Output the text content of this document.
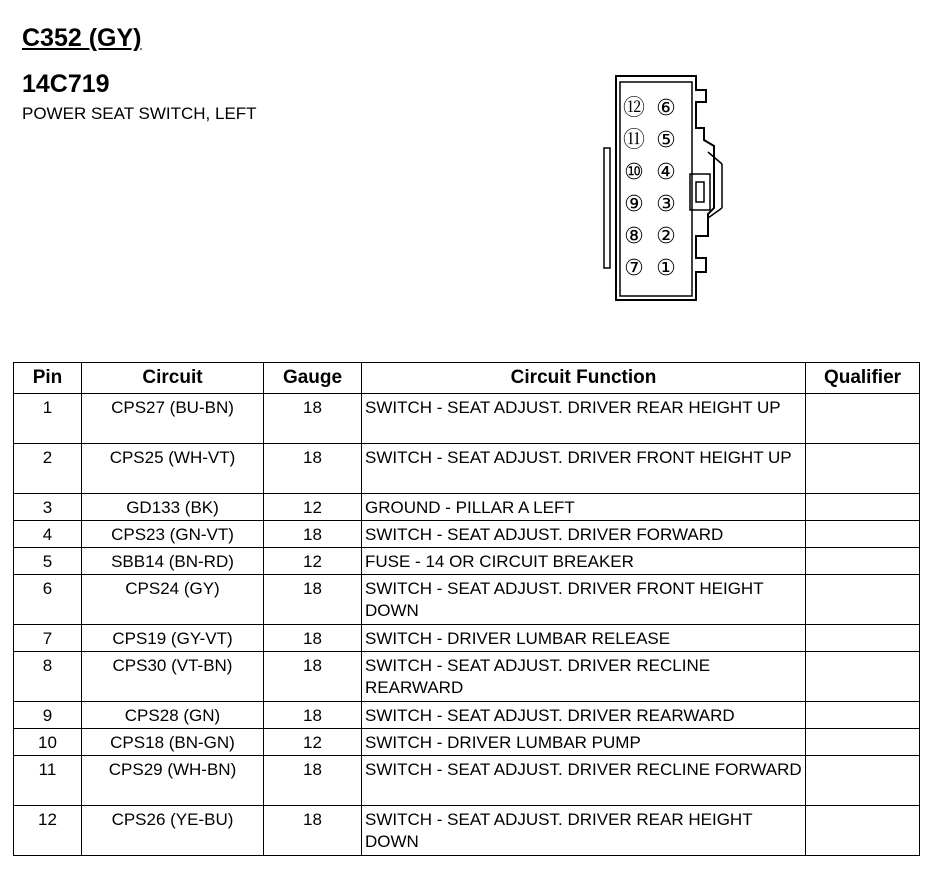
C352 (GY)
14C719
POWER SEAT SWITCH, LEFT	⑫ ⑥
⑪ ⑤
⑩ ④
⑨ ③
⑧ ②
⑦ ①
Pin	Circuit	Gauge	Circuit Function	Qualifier
1	CPS27 (BU-BN)	18	SWITCH - SEAT ADJUST. DRIVER REAR HEIGHT UP	
2	CPS25 (WH-VT)	18	SWITCH - SEAT ADJUST. DRIVER FRONT HEIGHT UP	
3	GD133 (BK)	12	GROUND - PILLAR A LEFT	
4	CPS23 (GN-VT)	18	SWITCH - SEAT ADJUST. DRIVER FORWARD	
5	SBB14 (BN-RD)	12	FUSE - 14 OR CIRCUIT BREAKER	
6	CPS24 (GY)	18	SWITCH - SEAT ADJUST. DRIVER FRONT HEIGHT DOWN	
7	CPS19 (GY-VT)	18	SWITCH - DRIVER LUMBAR RELEASE	
8	CPS30 (VT-BN)	18	SWITCH - SEAT ADJUST. DRIVER RECLINE REARWARD	
9	CPS28 (GN)	18	SWITCH - SEAT ADJUST. DRIVER REARWARD	
10	CPS18 (BN-GN)	12	SWITCH - DRIVER LUMBAR PUMP	
11	CPS29 (WH-BN)	18	SWITCH - SEAT ADJUST. DRIVER RECLINE FORWARD	
12	CPS26 (YE-BU)	18	SWITCH - SEAT ADJUST. DRIVER REAR HEIGHT DOWN	
